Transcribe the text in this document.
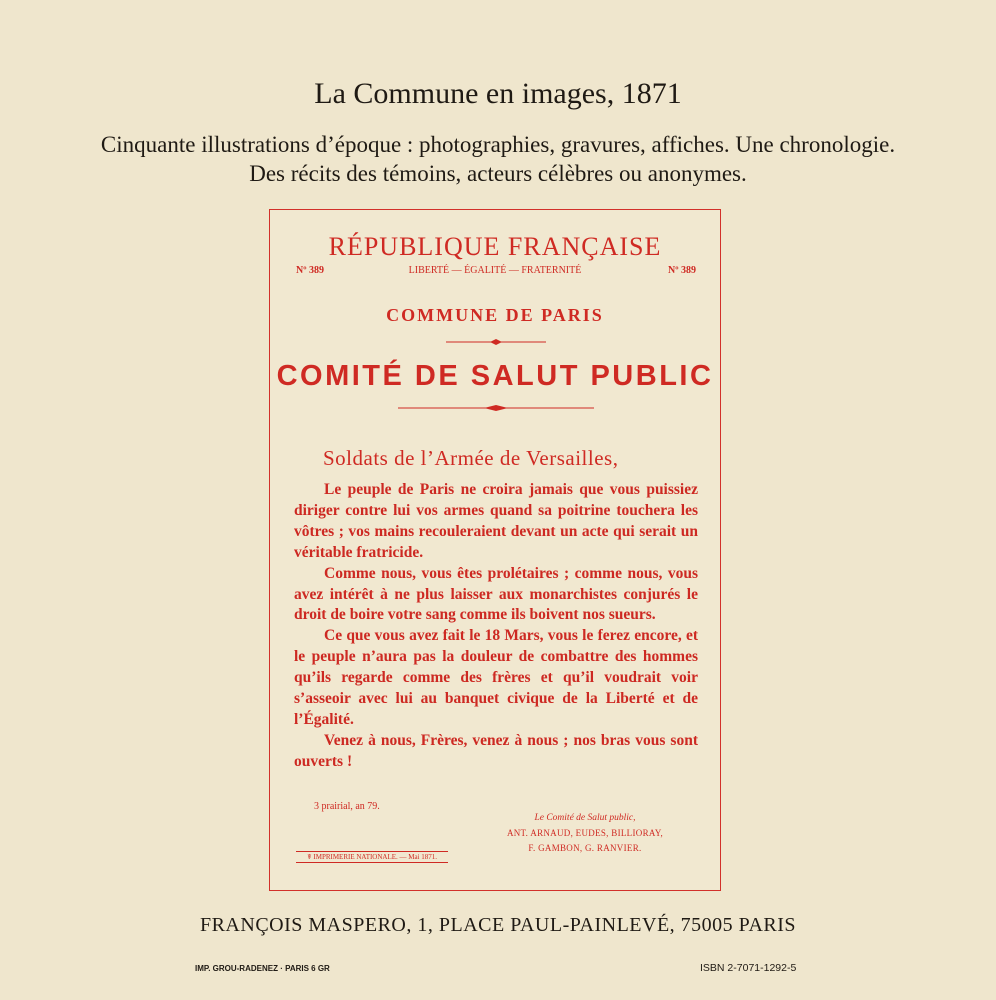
La Commune en images, 1871
Cinquante illustrations d’époque : photographies, gravures, affiches. Une chronologie.
Des récits des témoins, acteurs célèbres ou anonymes.
RÉPUBLIQUE FRANÇAISE
Nº 389	LIBERTÉ — ÉGALITÉ — FRATERNITÉ	Nº 389
COMMUNE DE PARIS
COMITÉ DE SALUT PUBLIC
Soldats de l’Armée de Versailles,

Le peuple de Paris ne croira jamais que vous puissiez diriger contre lui vos armes quand sa poitrine touchera les vôtres ; vos mains recouleraient devant un acte qui serait un véritable fratricide.

Comme nous, vous êtes prolétaires ; comme nous, vous avez intérêt à ne plus laisser aux monarchistes conjurés le droit de boire votre sang comme ils boivent nos sueurs.

Ce que vous avez fait le 18 Mars, vous le ferez encore, et le peuple n’aura pas la douleur de combattre des hommes qu’ils regarde comme des frères et qu’il voudrait voir s’asseoir avec lui au banquet civique de la Liberté et de l’Égalité.

Venez à nous, Frères, venez à nous ; nos bras vous sont ouverts !

3 prairial, an 79.
Le Comité de Salut public,
ANT. ARNAUD, EUDES, BILLIORAY,
F. GAMBON, G. RANVIER.
☤ IMPRIMERIE NATIONALE. — Mai 1871.
FRANÇOIS MASPERO, 1, PLACE PAUL-PAINLEVÉ, 75005 PARIS
IMP. GROU-RADENEZ · PARIS 6 GR	ISBN 2-7071-1292-5
